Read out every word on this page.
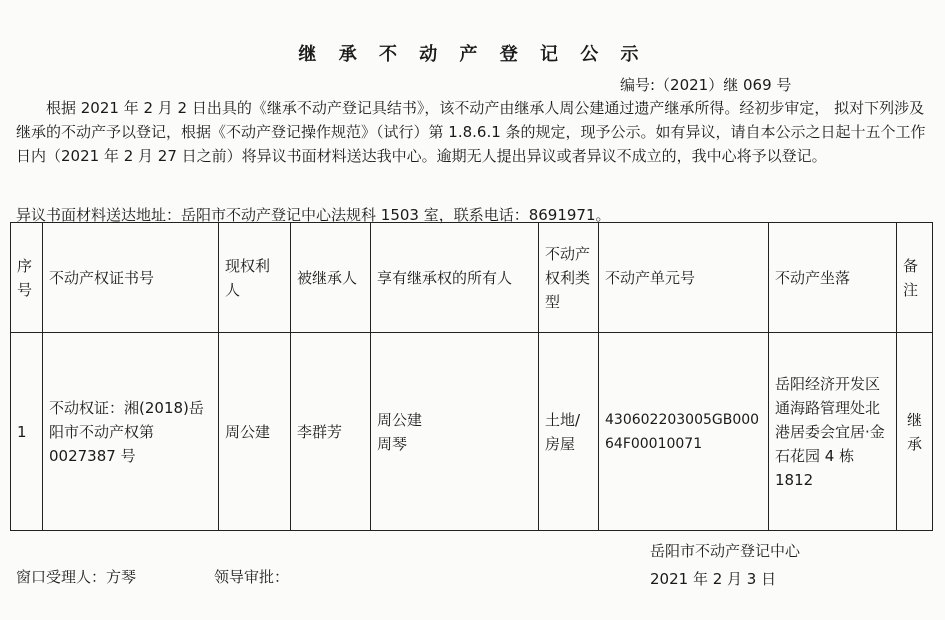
继 承 不 动 产 登 记 公 示
编号:（2021）继 069 号
根据 2021 年 2 月 2 日出具的《继承不动产登记具结书》，该不动产由继承人周公建通过遗产继承所得。经初步审定， 拟对下列涉及继承的不动产予以登记，根据《不动产登记操作规范》（试行）第 1.8.6.1 条的规定，现予公示。如有异议，请自本公示之日起十五个工作日内（2021 年 2 月 27 日之前）将异议书面材料送达我中心。逾期无人提出异议或者异议不成立的，我中心将予以登记。
异议书面材料送达地址：岳阳市不动产登记中心法规科 1503 室，联系电话：8691971。
序号	不动产权证书号	现权利人	被继承人	享有继承权的所有人	不动产权利类型	不动产单元号	不动产坐落	备注
1	不动权证：湘(2018)岳阳市不动产权第 0027387 号	周公建	李群芳	周公建
周琴	土地/房屋	430602203005GB00064F00010071	岳阳经济开发区通海路管理处北港居委会宜居·金石花园 4 栋 1812	继承
窗口受理人：方琴	领导审批：
岳阳市不动产登记中心
2021 年 2 月 3 日
